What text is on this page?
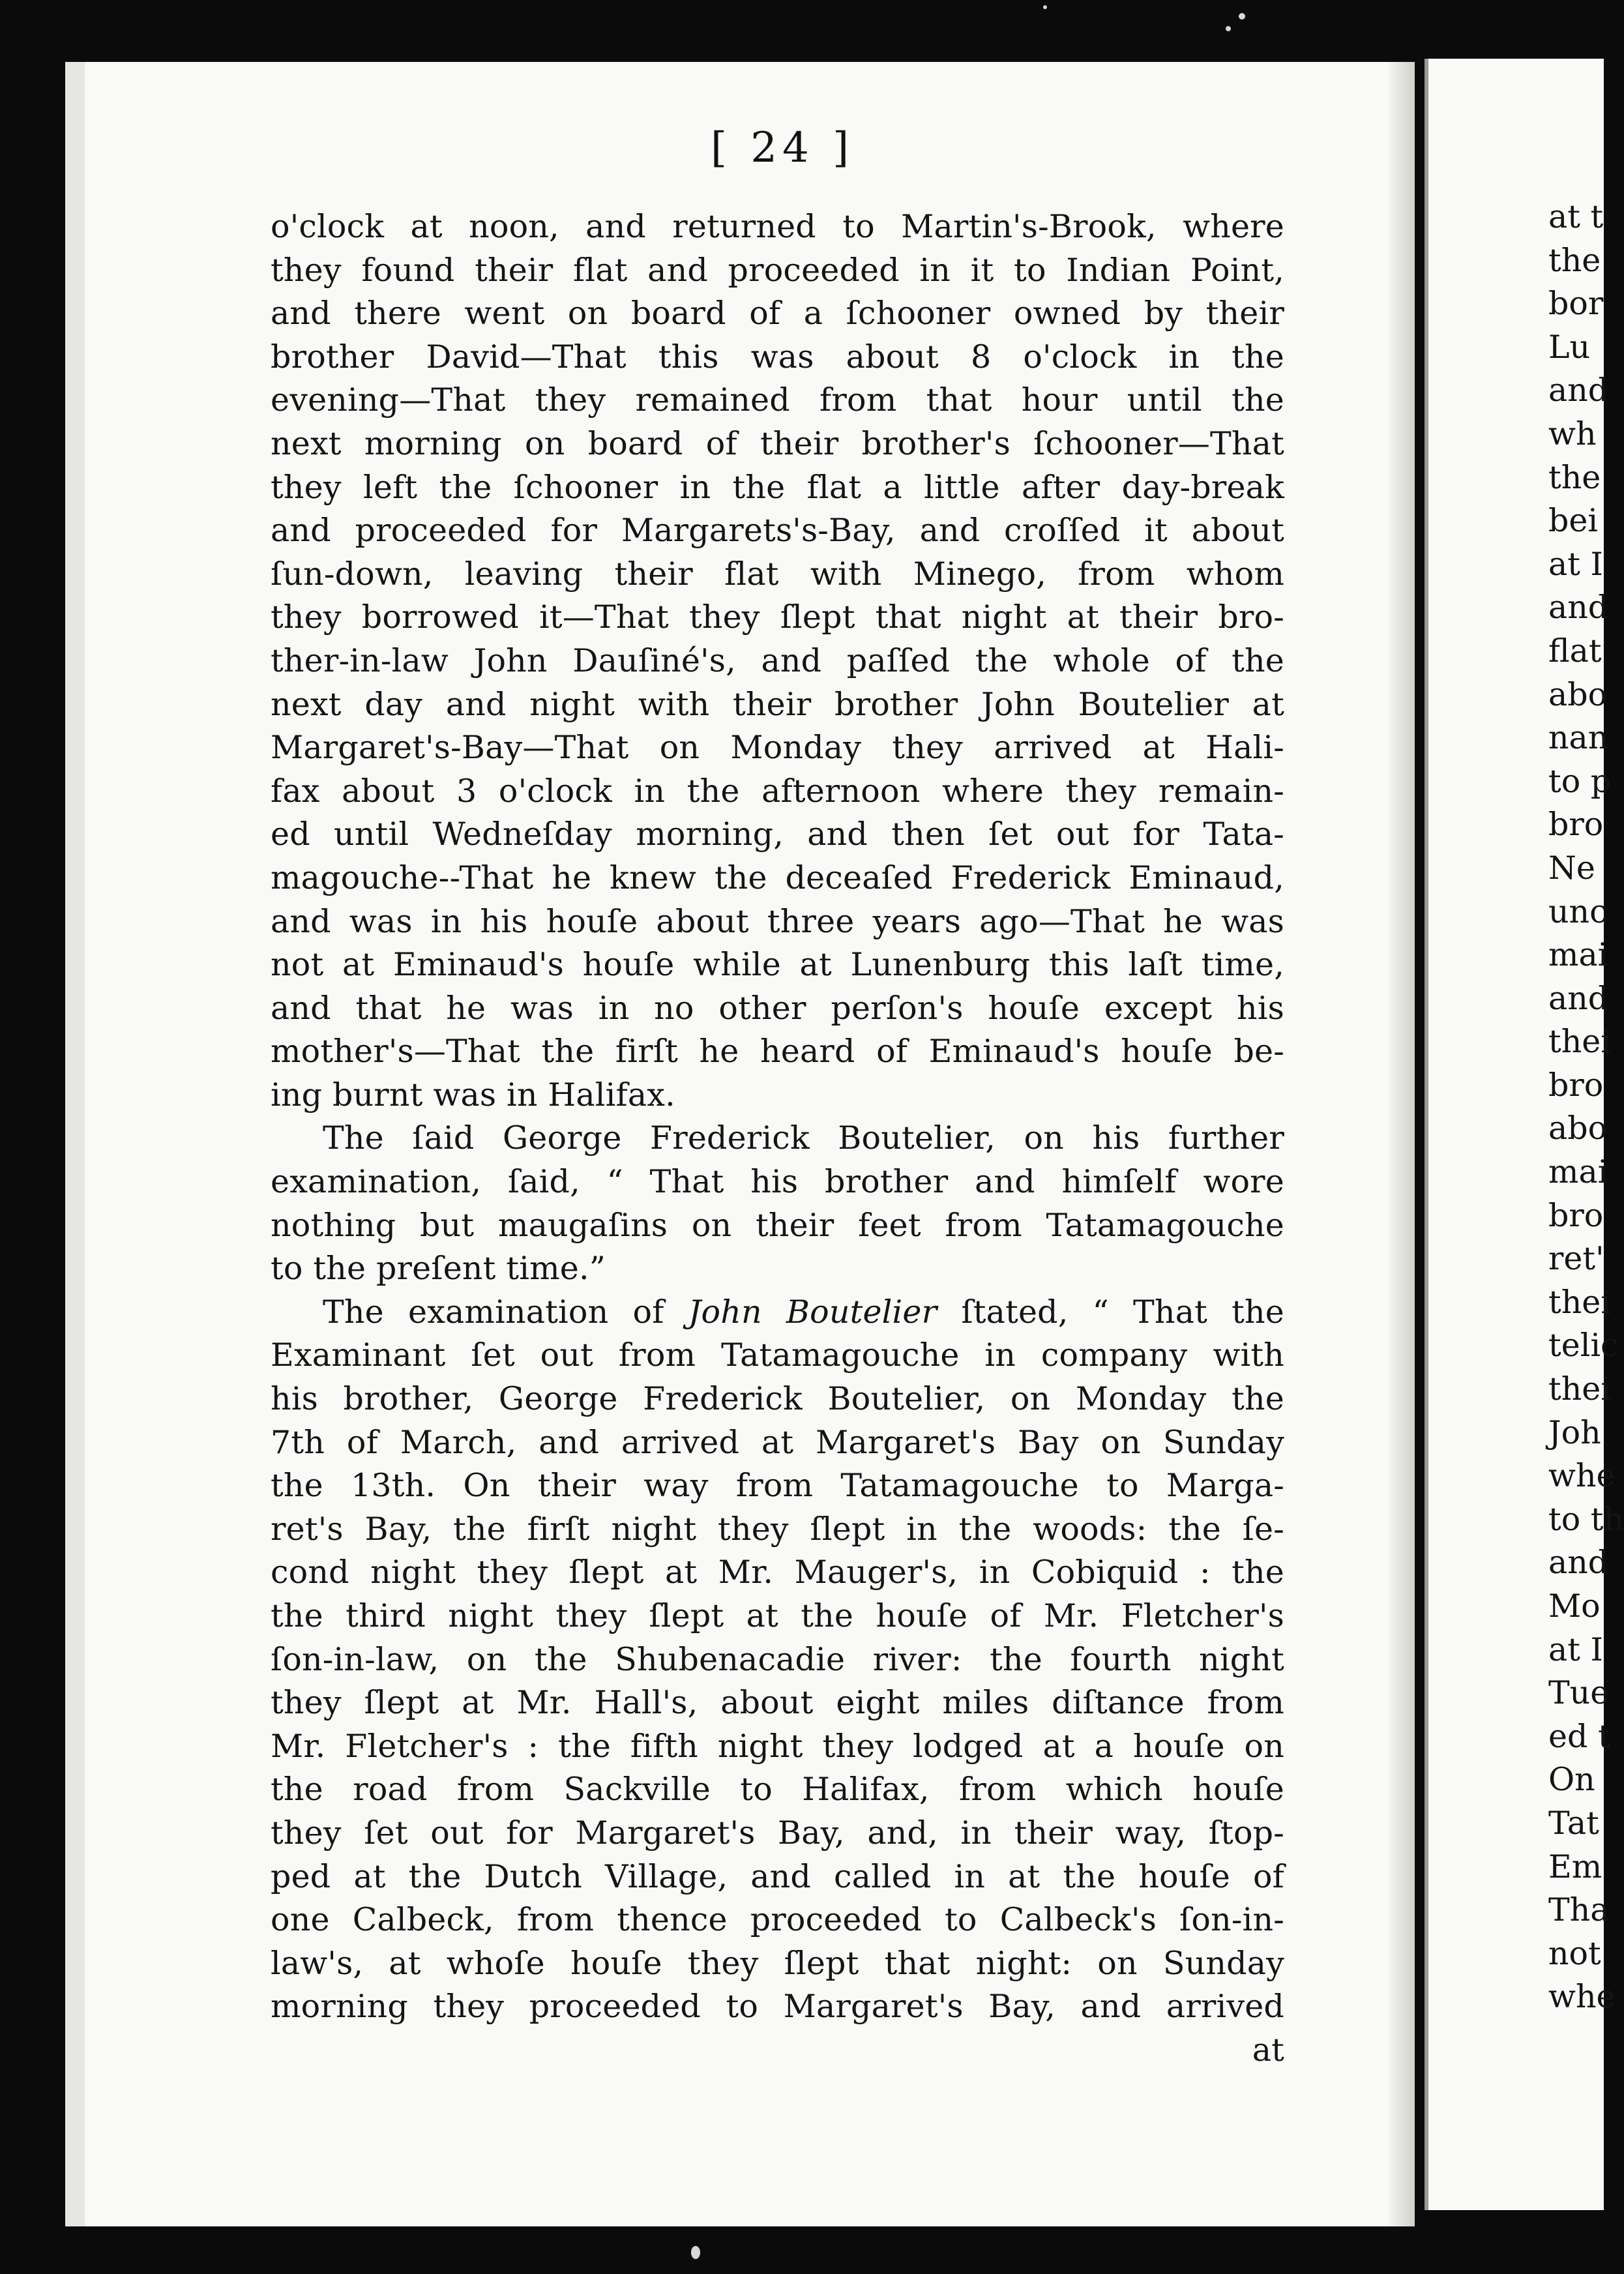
[ 24 ]
o'clock at noon, and returned to Martin's-Brook, where
they found their flat and proceeded in it to Indian Point,
and there went on board of a ſchooner owned by their
brother David—That this was about 8 o'clock in the
evening—That they remained from that hour until the
next morning on board of their brother's ſchooner—That
they left the ſchooner in the flat a little after day-break
and proceeded for Margarets's-Bay, and croſſed it about
ſun-down, leaving their flat with Minego, from whom
they borrowed it—That they ſlept that night at their bro-
ther-in-law John Dauſiné's, and paſſed the whole of the
next day and night with their brother John Boutelier at
Margaret's-Bay—That on Monday they arrived at Hali-
fax about 3 o'clock in the afternoon where they remain-
ed until Wedneſday morning, and then ſet out for Tata-
magouche--That he knew the deceaſed Frederick Eminaud,
and was in his houſe about three years ago—That he was
not at Eminaud's houſe while at Lunenburg this laſt time,
and that he was in no other perſon's houſe except his
mother's—That the firſt he heard of Eminaud's houſe be-
ing burnt was in Halifax.
The ſaid George Frederick Boutelier, on his further
examination, ſaid, “ That his brother and himſelf wore
nothing but maugaſins on their feet from Tatamagouche
to the preſent time.”
The examination of John Boutelier ſtated, “ That the
Examinant ſet out from Tatamagouche in company with
his brother, George Frederick Boutelier, on Monday the
7th of March, and arrived at Margaret's Bay on Sunday
the 13th. On their way from Tatamagouche to Marga-
ret's Bay, the firſt night they ſlept in the woods: the ſe-
cond night they ſlept at Mr. Mauger's, in Cobiquid : the
the third night they ſlept at the houſe of Mr. Fletcher's
ſon-in-law, on the Shubenacadie river: the fourth night
they ſlept at Mr. Hall's, about eight miles diſtance from
Mr. Fletcher's : the fifth night they lodged at a houſe on
the road from Sackville to Halifax, from which houſe
they ſet out for Margaret's Bay, and, in their way, ſtop-
ped at the Dutch Village, and called in at the houſe of
one Calbeck, from thence proceeded to Calbeck's ſon-in-
law's, at whoſe houſe they ſlept that night: on Sunday
morning they proceeded to Margaret's Bay, and arrived
at
at t
the
bor
Lu
and
wh
the
bei
at I
and
flat
abo
nan
to p
bro
Ne
unc
mai
and
thei
bro
abo
mai
bro
ret'
thei
telic
thei
Joh
whe
to th
and
Mo
at I
Tue
ed t
On
Tat
Em
Tha
not
whe
